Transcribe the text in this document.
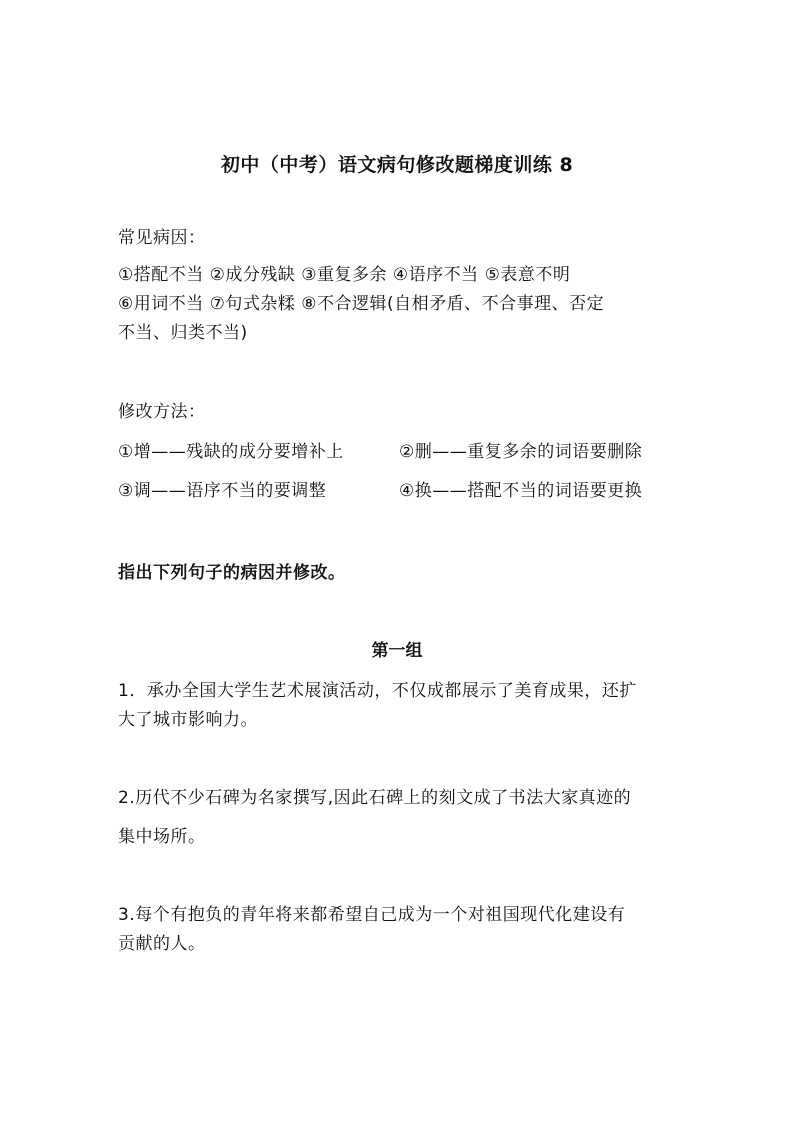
初中（中考）语文病句修改题梯度训练 8
常见病因：
①搭配不当 ②成分残缺 ③重复多余 ④语序不当 ⑤表意不明
⑥用词不当 ⑦句式杂糅 ⑧不合逻辑(自相矛盾、不合事理、否定
不当、归类不当)
修改方法：
①增——残缺的成分要增补上	②删——重复多余的词语要删除
③调——语序不当的要调整	④换——搭配不当的词语要更换
指出下列句子的病因并修改。
第一组
1．承办全国大学生艺术展演活动，不仅成都展示了美育成果，还扩
大了城市影响力。
2.历代不少石碑为名家撰写,因此石碑上的刻文成了书法大家真迹的
集中场所。
3.每个有抱负的青年将来都希望自己成为一个对祖国现代化建设有
贡献的人。
